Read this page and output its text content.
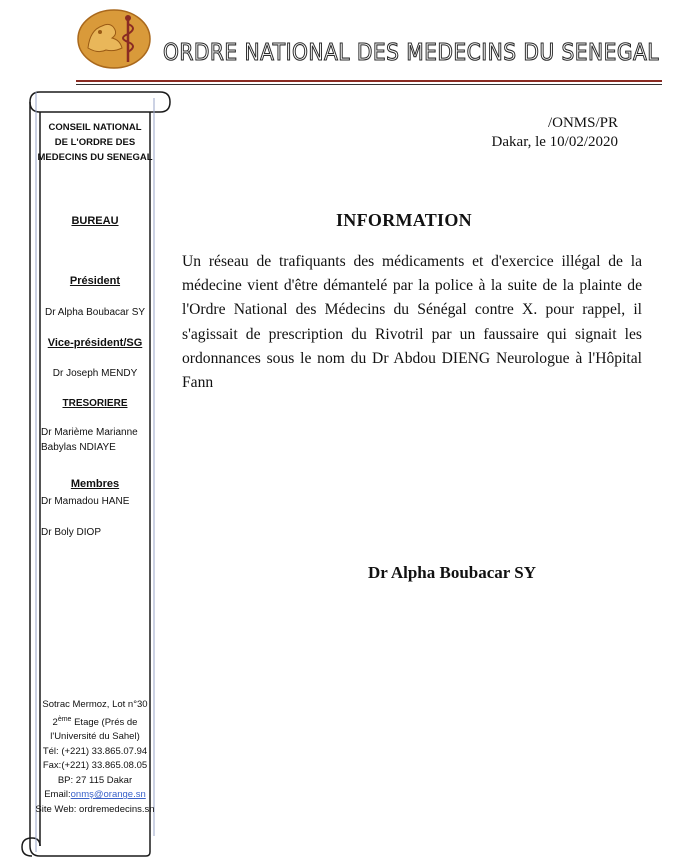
ORDRE NATIONAL DES MEDECINS DU SENEGAL
CONSEIL NATIONAL
DE L'ORDRE DES
MEDECINS DU SENEGAL
BUREAU
Président
Dr Alpha Boubacar SY
Vice-président/SG
Dr Joseph MENDY
TRESORIERE
Dr Marième Marianne
Babylas NDIAYE
Membres
Dr Mamadou HANE
Dr Boly DIOP
Sotrac Mermoz, Lot n°30
2ème Etage (Prés de
l'Université du Sahel)
Tél: (+221) 33.865.07.94
Fax:(+221) 33.865.08.05
BP: 27 115 Dakar
Email:onmş@orange.sn
Site Web: ordremedecins.sn
/ONMS/PR
Dakar, le 10/02/2020
INFORMATION
Un réseau de trafiquants des médicaments et d'exercice illégal de la médecine vient d'être démantelé par la police à la suite de la plainte de l'Ordre National des Médecins du Sénégal contre X. pour rappel, il s'agissait de prescription du Rivotril par un faussaire qui signait les ordonnances sous le nom du Dr Abdou DIENG Neurologue à l'Hôpital Fann
Dr Alpha Boubacar SY
